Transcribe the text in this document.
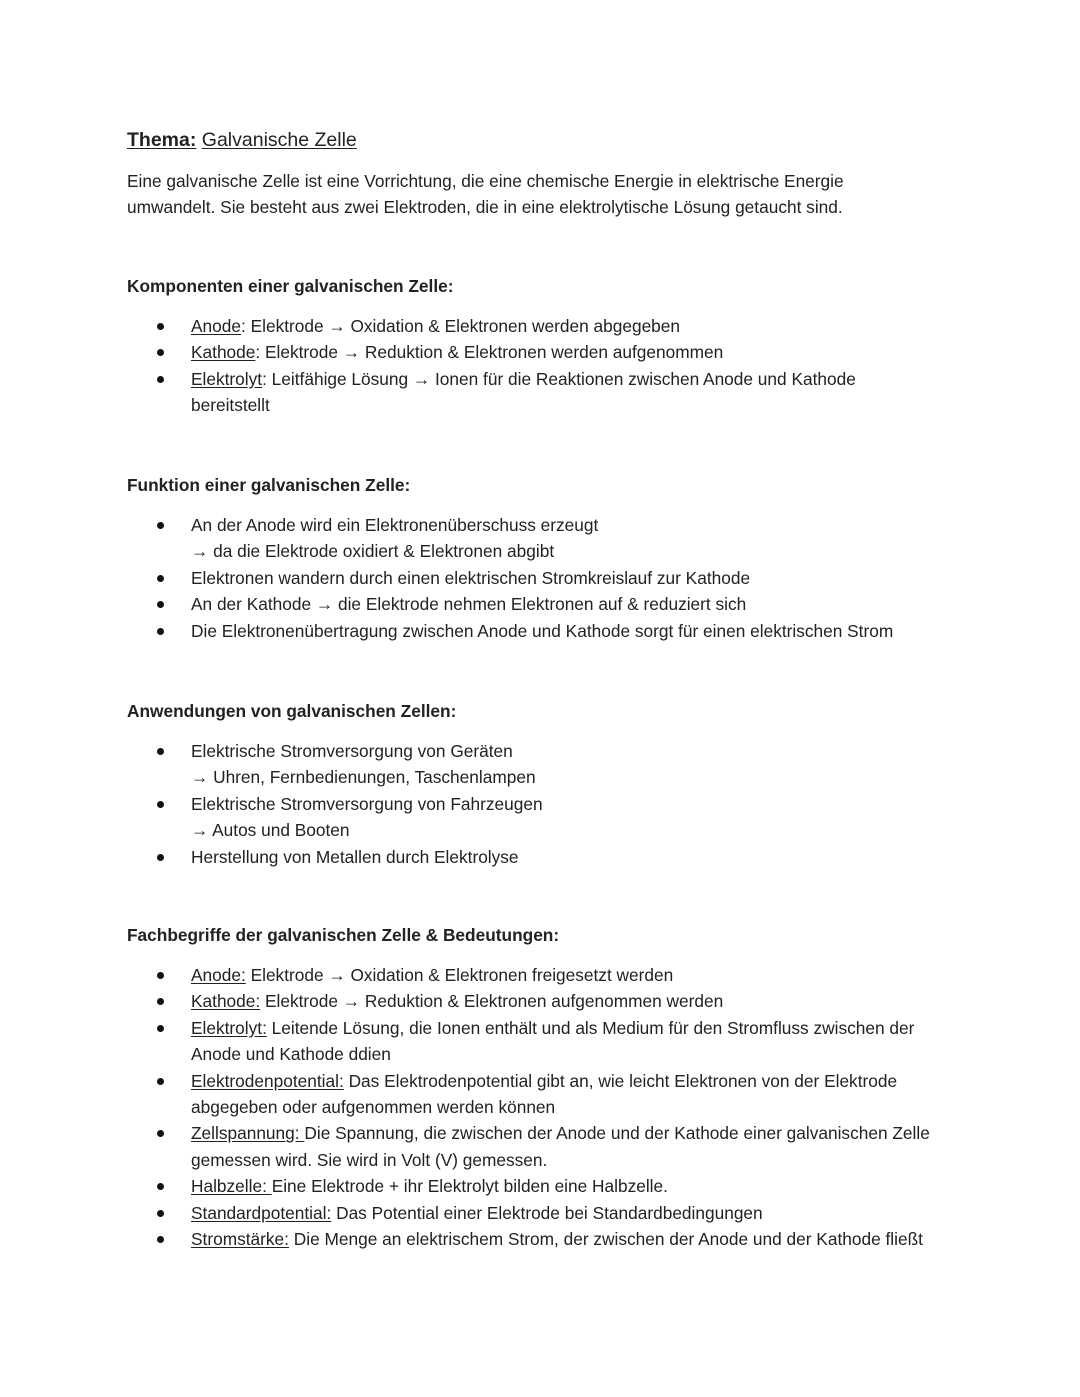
Thema: Galvanische Zelle

Eine galvanische Zelle ist eine Vorrichtung, die eine chemische Energie in elektrische Energie

umwandelt. Sie besteht aus zwei Elektroden, die in eine elektrolytische Lösung getaucht sind.

Komponenten einer galvanischen Zelle:
Anode: Elektrode → Oxidation & Elektronen werden abgegeben
Kathode: Elektrode → Reduktion & Elektronen werden aufgenommen
Elektrolyt: Leitfähige Lösung → Ionen für die Reaktionen zwischen Anode und Kathode
bereitstellt
Funktion einer galvanischen Zelle:
An der Anode wird ein Elektronenüberschuss erzeugt
→ da die Elektrode oxidiert & Elektronen abgibt
Elektronen wandern durch einen elektrischen Stromkreislauf zur Kathode
An der Kathode → die Elektrode nehmen Elektronen auf & reduziert sich
Die Elektronenübertragung zwischen Anode und Kathode sorgt für einen elektrischen Strom
Anwendungen von galvanischen Zellen:
Elektrische Stromversorgung von Geräten
→ Uhren, Fernbedienungen, Taschenlampen
Elektrische Stromversorgung von Fahrzeugen
→ Autos und Booten
Herstellung von Metallen durch Elektrolyse
Fachbegriffe der galvanischen Zelle & Bedeutungen:
Anode: Elektrode → Oxidation & Elektronen freigesetzt werden
Kathode: Elektrode → Reduktion & Elektronen aufgenommen werden
Elektrolyt: Leitende Lösung, die Ionen enthält und als Medium für den Stromfluss zwischen der
Anode und Kathode ddien
Elektrodenpotential: Das Elektrodenpotential gibt an, wie leicht Elektronen von der Elektrode
abgegeben oder aufgenommen werden können
Zellspannung: Die Spannung, die zwischen der Anode und der Kathode einer galvanischen Zelle
gemessen wird. Sie wird in Volt (V) gemessen.
Halbzelle: Eine Elektrode + ihr Elektrolyt bilden eine Halbzelle.
Standardpotential: Das Potential einer Elektrode bei Standardbedingungen
Stromstärke: Die Menge an elektrischem Strom, der zwischen der Anode und der Kathode fließt
